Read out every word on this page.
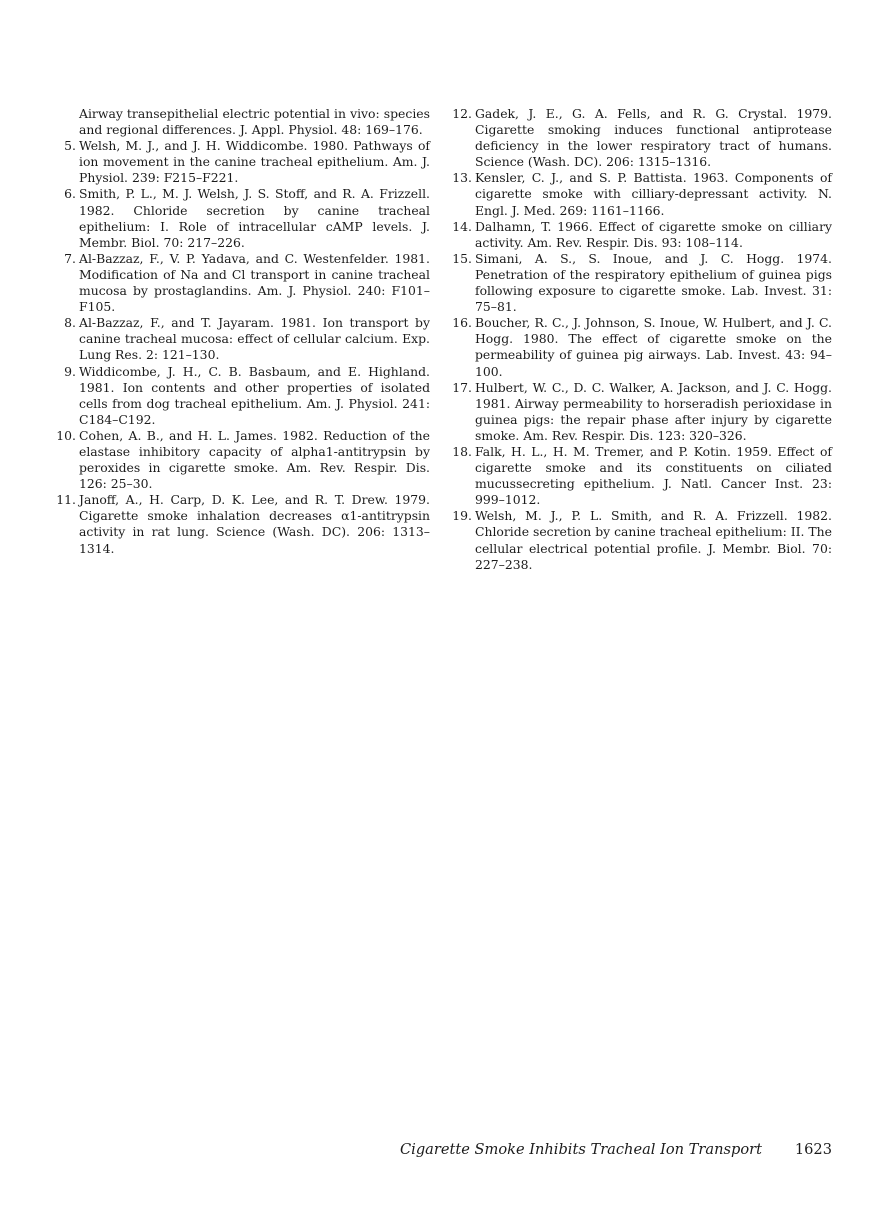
Airway transepithelial electric potential in vivo: species and regional differences. J. Appl. Physiol. 48: 169–176.
5. Welsh, M. J., and J. H. Widdicombe. 1980. Pathways of ion movement in the canine tracheal epithelium. Am. J. Physiol. 239: F215–F221.
6. Smith, P. L., M. J. Welsh, J. S. Stoff, and R. A. Frizzell. 1982. Chloride secretion by canine tracheal epithelium: I. Role of intracellular cAMP levels. J. Membr. Biol. 70: 217–226.
7. Al-Bazzaz, F., V. P. Yadava, and C. Westenfelder. 1981. Modification of Na and Cl transport in canine tracheal mucosa by prostaglandins. Am. J. Physiol. 240: F101–F105.
8. Al-Bazzaz, F., and T. Jayaram. 1981. Ion transport by canine tracheal mucosa: effect of cellular calcium. Exp. Lung Res. 2: 121–130.
9. Widdicombe, J. H., C. B. Basbaum, and E. Highland. 1981. Ion contents and other properties of isolated cells from dog tracheal epithelium. Am. J. Physiol. 241: C184–C192.
10. Cohen, A. B., and H. L. James. 1982. Reduction of the elastase inhibitory capacity of alpha1-antitrypsin by peroxides in cigarette smoke. Am. Rev. Respir. Dis. 126: 25–30.
11. Janoff, A., H. Carp, D. K. Lee, and R. T. Drew. 1979. Cigarette smoke inhalation decreases α1-antitrypsin activity in rat lung. Science (Wash. DC). 206: 1313–1314.
12. Gadek, J. E., G. A. Fells, and R. G. Crystal. 1979. Cigarette smoking induces functional antiprotease deficiency in the lower respiratory tract of humans. Science (Wash. DC). 206: 1315–1316.
13. Kensler, C. J., and S. P. Battista. 1963. Components of cigarette smoke with cilliary-depressant activity. N. Engl. J. Med. 269: 1161–1166.
14. Dalhamn, T. 1966. Effect of cigarette smoke on cilliary activity. Am. Rev. Respir. Dis. 93: 108–114.
15. Simani, A. S., S. Inoue, and J. C. Hogg. 1974. Penetration of the respiratory epithelium of guinea pigs following exposure to cigarette smoke. Lab. Invest. 31: 75–81.
16. Boucher, R. C., J. Johnson, S. Inoue, W. Hulbert, and J. C. Hogg. 1980. The effect of cigarette smoke on the permeability of guinea pig airways. Lab. Invest. 43: 94–100.
17. Hulbert, W. C., D. C. Walker, A. Jackson, and J. C. Hogg. 1981. Airway permeability to horseradish perioxidase in guinea pigs: the repair phase after injury by cigarette smoke. Am. Rev. Respir. Dis. 123: 320–326.
18. Falk, H. L., H. M. Tremer, and P. Kotin. 1959. Effect of cigarette smoke and its constituents on ciliated mucussecreting epithelium. J. Natl. Cancer Inst. 23: 999–1012.
19. Welsh, M. J., P. L. Smith, and R. A. Frizzell. 1982. Chloride secretion by canine tracheal epithelium: II. The cellular electrical potential profile. J. Membr. Biol. 70: 227–238.
Cigarette Smoke Inhibits Tracheal Ion Transport 1623
